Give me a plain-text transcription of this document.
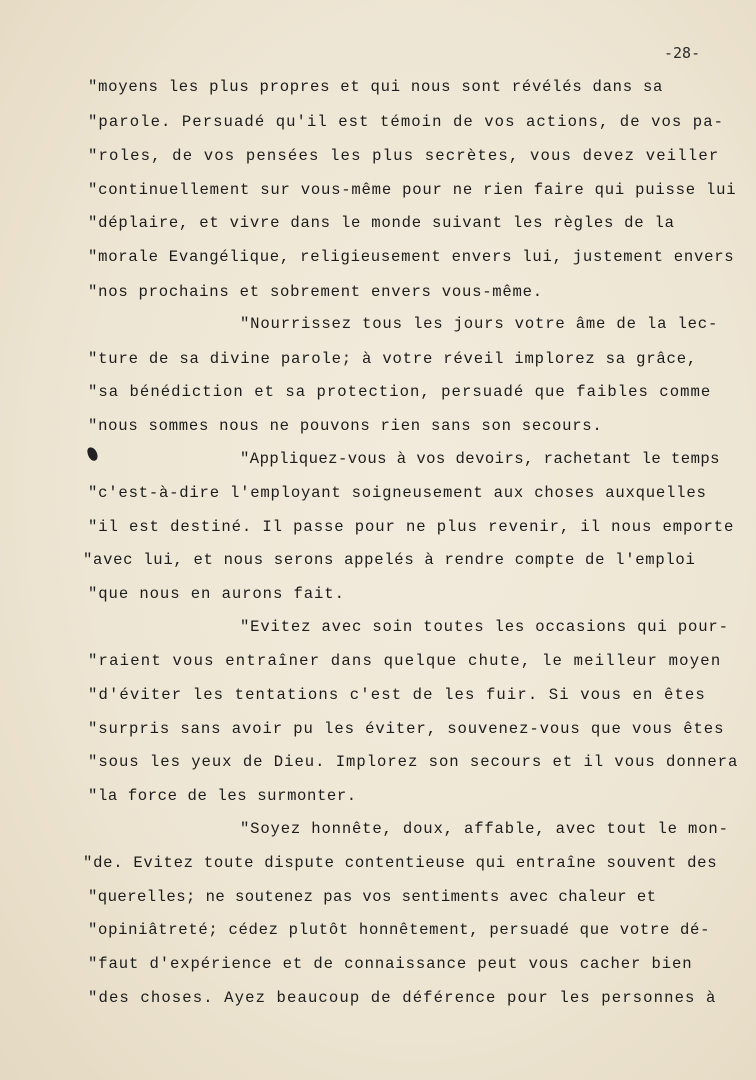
-28-
"moyens les plus propres et qui nous sont révélés dans sa
"parole. Persuadé qu'il est témoin de vos actions, de vos pa-
"roles, de vos pensées les plus secrètes, vous devez veiller
"continuellement sur vous-même pour ne rien faire qui puisse lui
"déplaire, et vivre dans le monde suivant les règles de la
"morale Evangélique, religieusement envers lui, justement envers
"nos prochains et sobrement envers vous-même.
"Nourrissez tous les jours votre âme de la lec-
"ture de sa divine parole; à votre réveil implorez sa grâce,
"sa bénédiction et sa protection, persuadé que faibles comme
"nous sommes nous ne pouvons rien sans son secours.
"Appliquez-vous à vos devoirs, rachetant le temps
"c'est-à-dire l'employant soigneusement aux choses auxquelles
"il est destiné. Il passe pour ne plus revenir, il nous emporte
"avec lui, et nous serons appelés à rendre compte de l'emploi
"que nous en aurons fait.
"Evitez avec soin toutes les occasions qui pour-
"raient vous entraîner dans quelque chute, le meilleur moyen
"d'éviter les tentations c'est de les fuir. Si vous en êtes
"surpris sans avoir pu les éviter, souvenez-vous que vous êtes
"sous les yeux de Dieu. Implorez son secours et il vous donnera
"la force de les surmonter.
"Soyez honnête, doux, affable, avec tout le mon-
"de. Evitez toute dispute contentieuse qui entraîne souvent des
"querelles; ne soutenez pas vos sentiments avec chaleur et
"opiniâtreté; cédez plutôt honnêtement, persuadé que votre dé-
"faut d'expérience et de connaissance peut vous cacher bien
"des choses. Ayez beaucoup de déférence pour les personnes à
